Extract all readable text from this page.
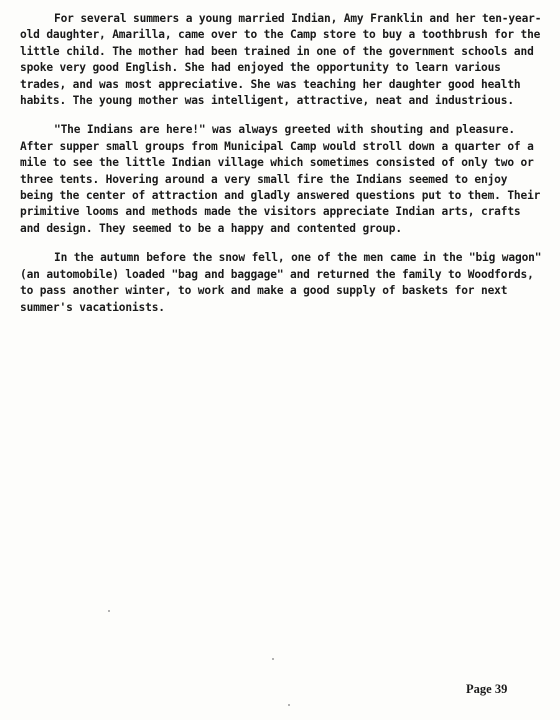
For several summers a young married Indian, Amy Franklin and her ten-year-old daughter, Amarilla, came over to the Camp store to buy a toothbrush for the little child. The mother had been trained in one of the government schools and spoke very good English. She had enjoyed the opportunity to learn various trades, and was most appreciative. She was teaching her daughter good health habits. The young mother was intelligent, attractive, neat and industrious.

"The Indians are here!" was always greeted with shouting and pleasure. After supper small groups from Municipal Camp would stroll down a quarter of a mile to see the little Indian village which sometimes consisted of only two or three tents. Hovering around a very small fire the Indians seemed to enjoy being the center of attraction and gladly answered questions put to them. Their primitive looms and methods made the visitors appreciate Indian arts, crafts and design. They seemed to be a happy and contented group.

In the autumn before the snow fell, one of the men came in the "big wagon" (an automobile) loaded "bag and baggage" and returned the family to Woodfords, to pass another winter, to work and make a good supply of baskets for next summer's vacationists.

Page 39
